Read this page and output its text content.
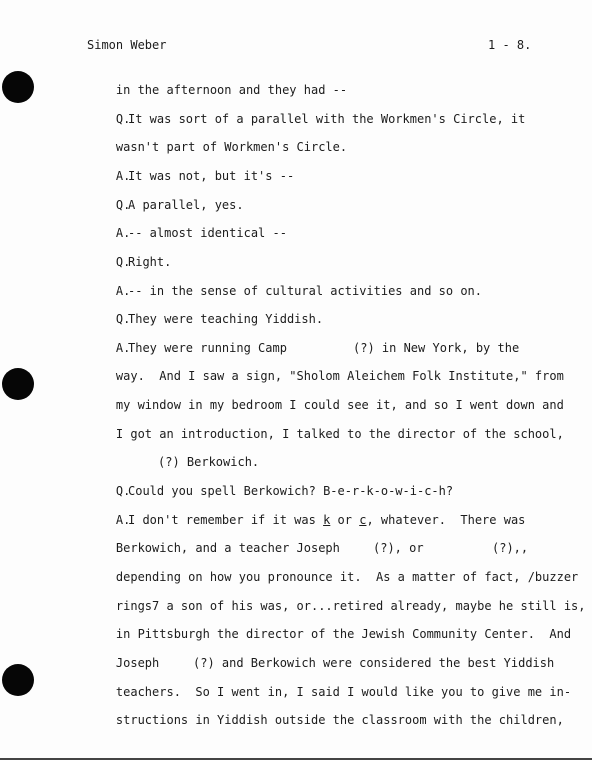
Simon Weber	1 - 8.

in the afternoon and they had --

Q.
It was sort of a parallel with the Workmen's Circle, it

wasn't part of Workmen's Circle.

A.
It was not, but it's --

Q.
A parallel, yes.

A.
-- almost identical --

Q.
Right.

A.
-- in the sense of cultural activities and so on.

Q.
They were teaching Yiddish.

A.
They were running Camp	(?) in New York, by the

way.  And I saw a sign, "Sholom Aleichem Folk Institute," from

my window in my bedroom I could see it, and so I went down and

I got an introduction, I talked to the director of the school,

(?) Berkowich.

Q.
Could you spell Berkowich? B-e-r-k-o-w-i-c-h?

A.
I don't remember if it was k or c, whatever.  There was

Berkowich, and a teacher Joseph	(?), or	(?),,

depending on how you pronounce it.  As a matter of fact, /buzzer

rings7 a son of his was, or...retired already, maybe he still is,

in Pittsburgh the director of the Jewish Community Center.  And

Joseph	(?) and Berkowich were considered the best Yiddish

teachers.  So I went in, I said I would like you to give me in-

structions in Yiddish outside the classroom with the children,
